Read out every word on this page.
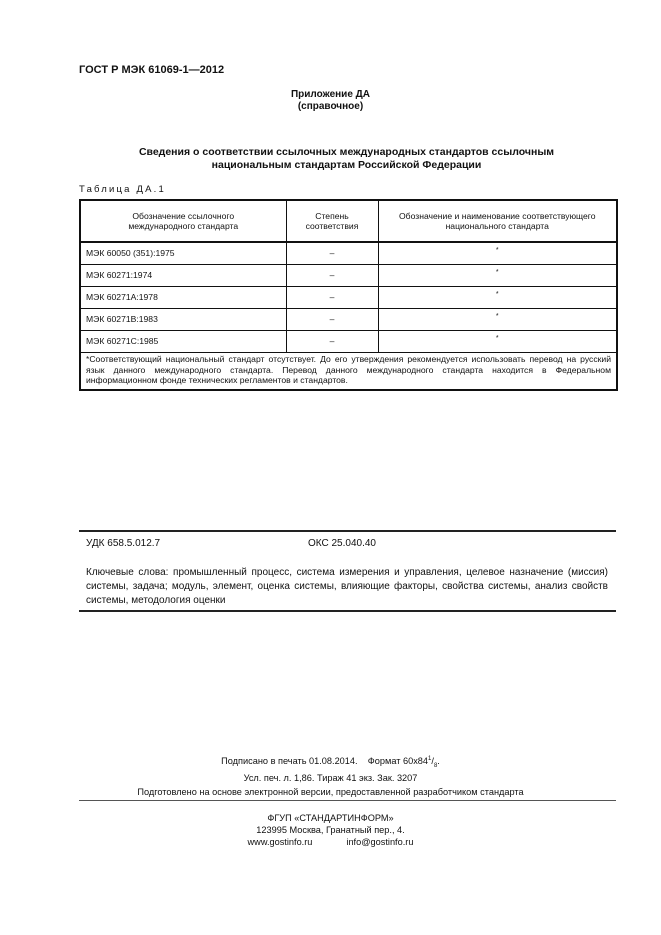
ГОСТ Р МЭК 61069-1—2012
Приложение ДА
(справочное)
Сведения о соответствии ссылочных международных стандартов ссылочным
национальным стандартам Российской Федерации
Таблица ДА.1
Обозначение ссылочного международного стандарта	Степень соответствия	Обозначение и наименование соответствующего национального стандарта
МЭК 60050 (351):1975	–	*
МЭК 60271:1974	–	*
МЭК 60271А:1978	–	*
МЭК 60271В:1983	–	*
МЭК 60271С:1985	–	*
*Соответствующий национальный стандарт отсутствует. До его утверждения рекомендуется использовать перевод на русский язык данного международного стандарта. Перевод данного международного стандарта находится в Федеральном информационном фонде технических регламентов и стандартов.		
УДК 658.5.012.7	ОКС 25.040.40
Ключевые слова: промышленный процесс, система измерения и управления, целевое назначение (миссия) системы, задача; модуль, элемент, оценка системы, влияющие факторы, свойства системы, анализ свойств системы, методология оценки
Подписано в печать 01.08.2014. Формат $60х84^1/_8$.
Усл. печ. л. 1,86. Тираж 41 экз. Зак. 3207
Подготовлено на основе электронной версии, предоставленной разработчиком стандарта
ФГУП «СТАНДАРТИНФОРМ»
123995 Москва, Гранатный пер., 4.
www.gostinfo.ru	info@gostinfo.ru
